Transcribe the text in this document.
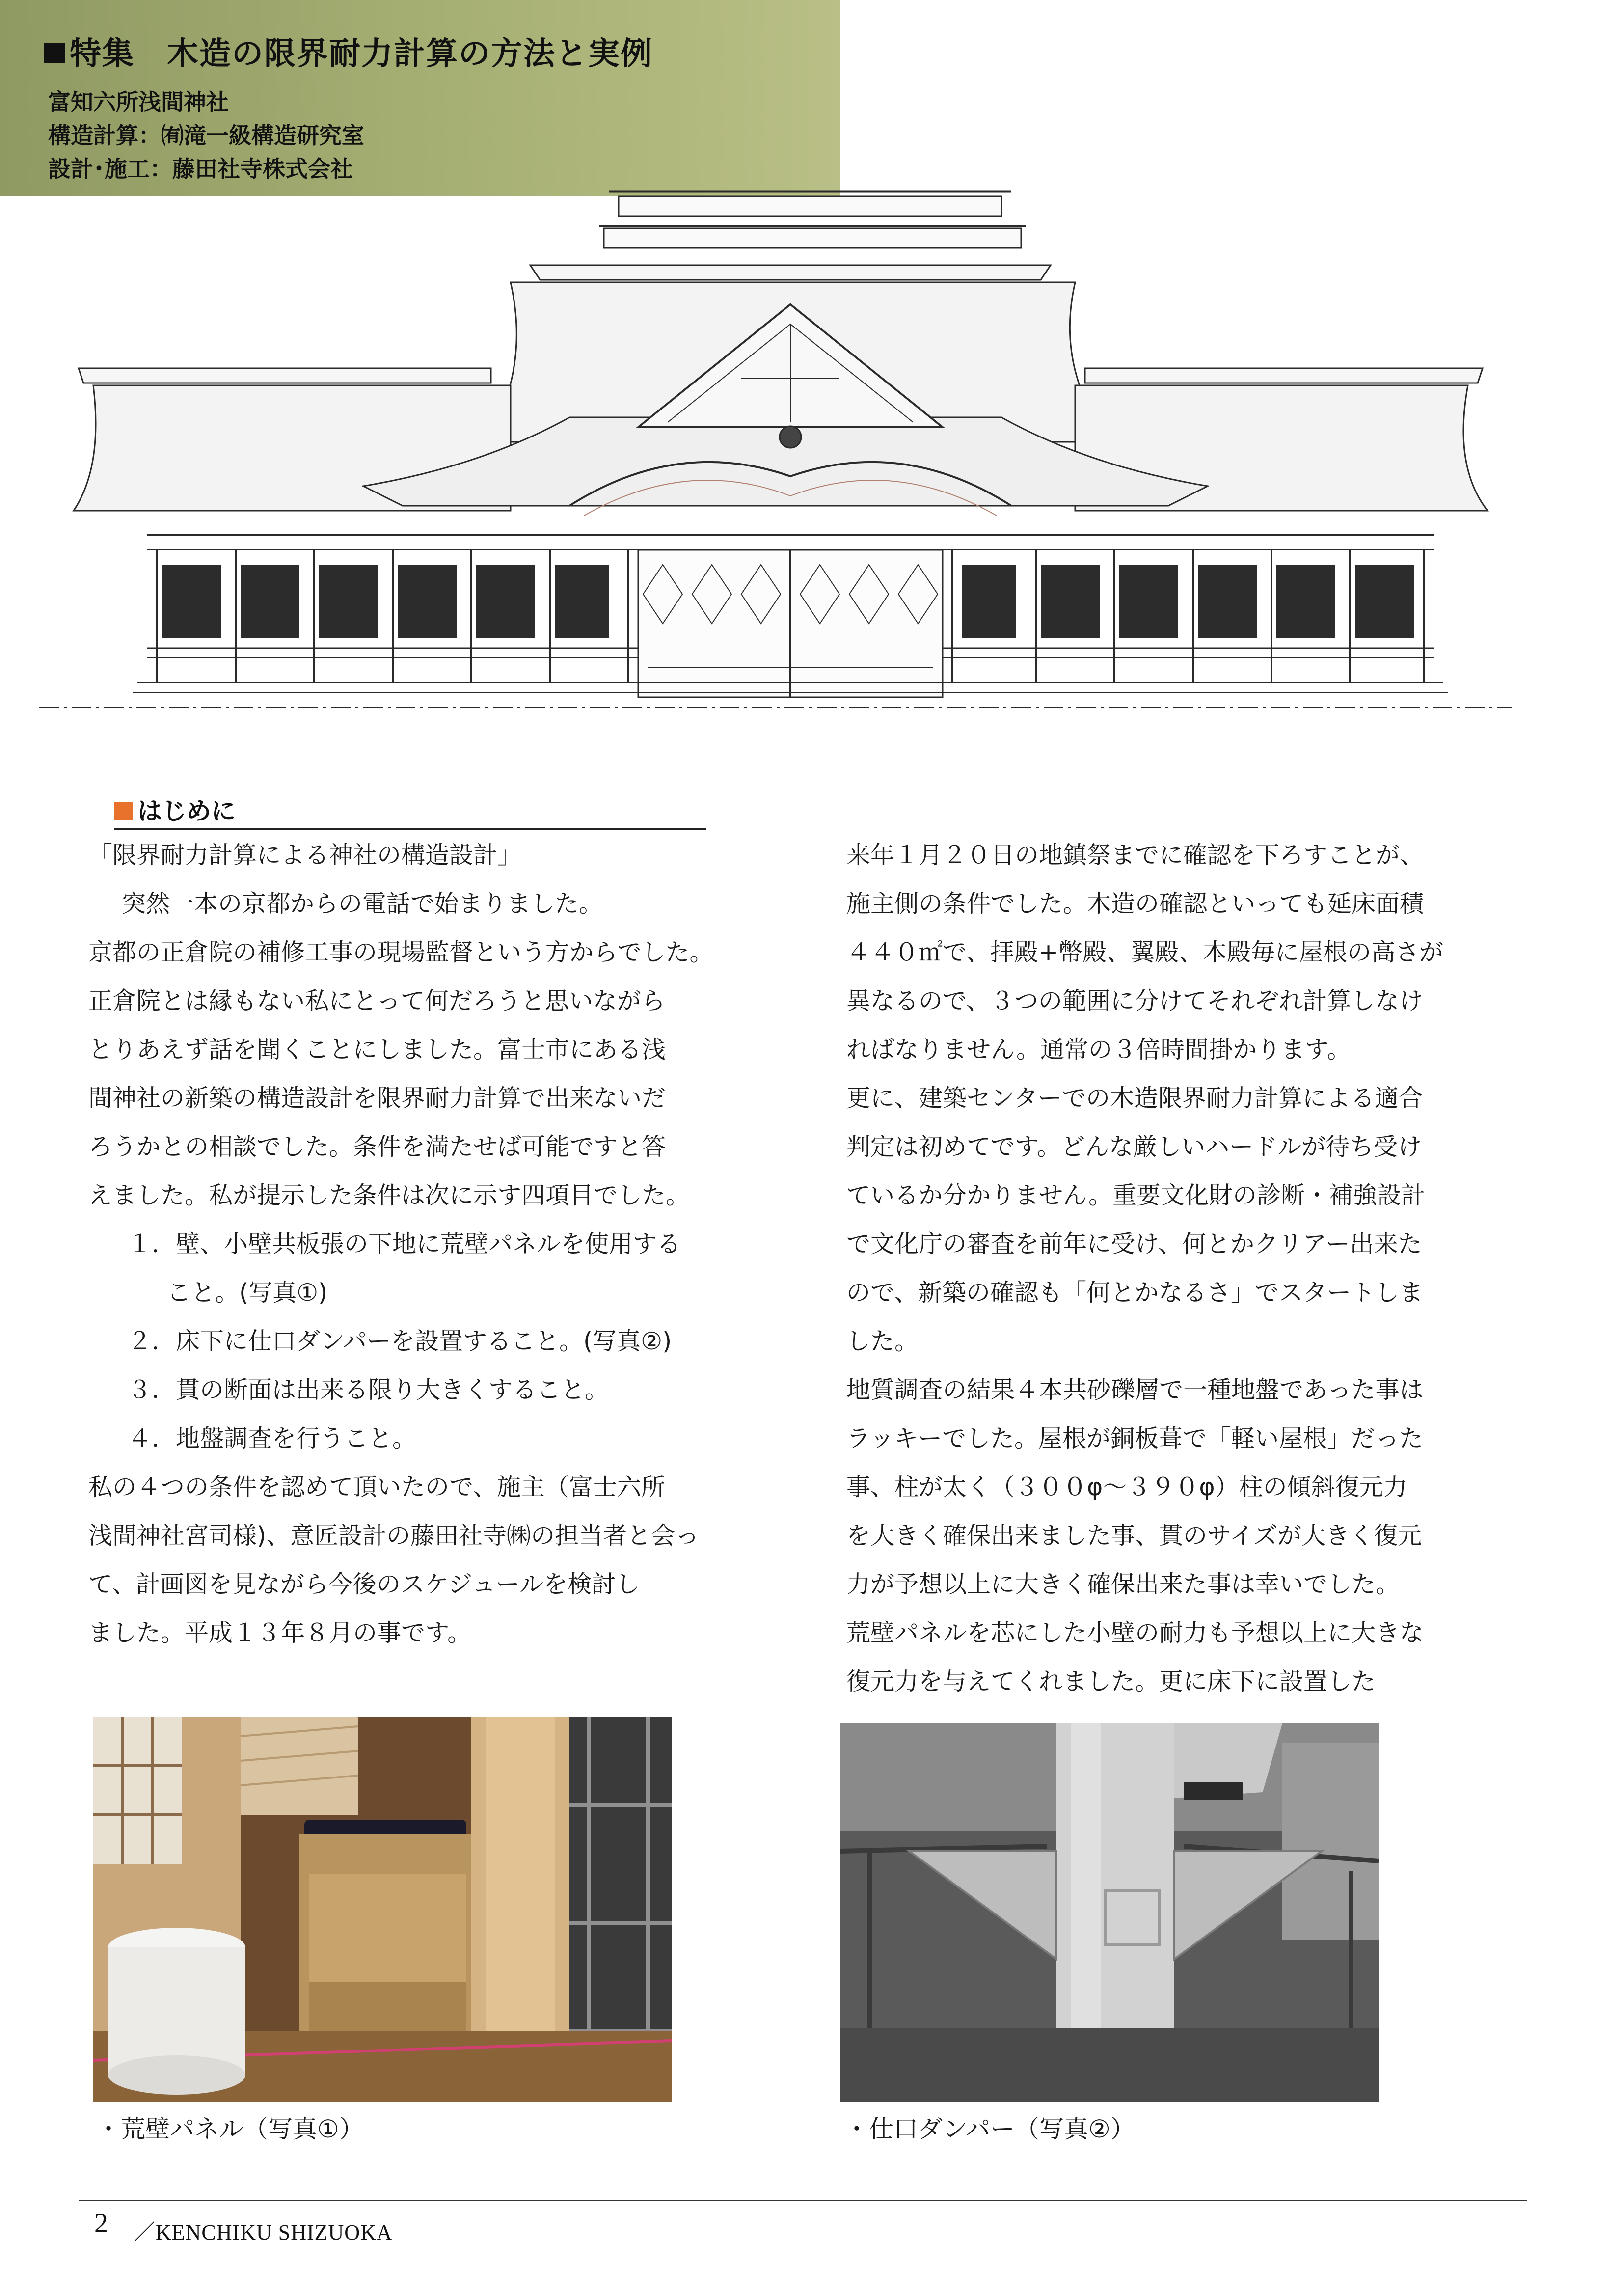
特集　木造の限界耐力計算の方法と実例
富知六所浅間神社
構造計算：㈲滝一級構造研究室
設計･施工：藤田社寺株式会社
はじめに
「限界耐力計算による神社の構造設計」
突然一本の京都からの電話で始まりました。
京都の正倉院の補修工事の現場監督という方からでした。
正倉院とは縁もない私にとって何だろうと思いながら
とりあえず話を聞くことにしました。富士市にある浅
間神社の新築の構造設計を限界耐力計算で出来ないだ
ろうかとの相談でした。条件を満たせば可能ですと答
えました。私が提示した条件は次に示す四項目でした。
１．壁、小壁共板張の下地に荒壁パネルを使用する
こと。(写真①)
２．床下に仕口ダンパーを設置すること。(写真②)
３．貫の断面は出来る限り大きくすること。
４．地盤調査を行うこと。
私の４つの条件を認めて頂いたので、施主（富士六所
浅間神社宮司様)、意匠設計の藤田社寺㈱の担当者と会っ
て、計画図を見ながら今後のスケジュールを検討し
ました。平成１３年８月の事です。
来年１月２０日の地鎮祭までに確認を下ろすことが、
施主側の条件でした。木造の確認といっても延床面積
４４０㎡で、拝殿+幣殿、翼殿、本殿毎に屋根の高さが
異なるので、３つの範囲に分けてそれぞれ計算しなけ
ればなりません。通常の３倍時間掛かります。
更に、建築センターでの木造限界耐力計算による適合
判定は初めてです。どんな厳しいハードルが待ち受け
ているか分かりません。重要文化財の診断・補強設計
で文化庁の審査を前年に受け、何とかクリアー出来た
ので、新築の確認も「何とかなるさ」でスタートしま
した。
地質調査の結果４本共砂礫層で一種地盤であった事は
ラッキーでした。屋根が銅板葺で「軽い屋根」だった
事、柱が太く（３００φ～３９０φ）柱の傾斜復元力
を大きく確保出来ました事、貫のサイズが大きく復元
力が予想以上に大きく確保出来た事は幸いでした。
荒壁パネルを芯にした小壁の耐力も予想以上に大きな
復元力を与えてくれました。更に床下に設置した
・荒壁パネル（写真①）	・仕口ダンパー（写真②）
2 ／KENCHIKU SHIZUOKA
